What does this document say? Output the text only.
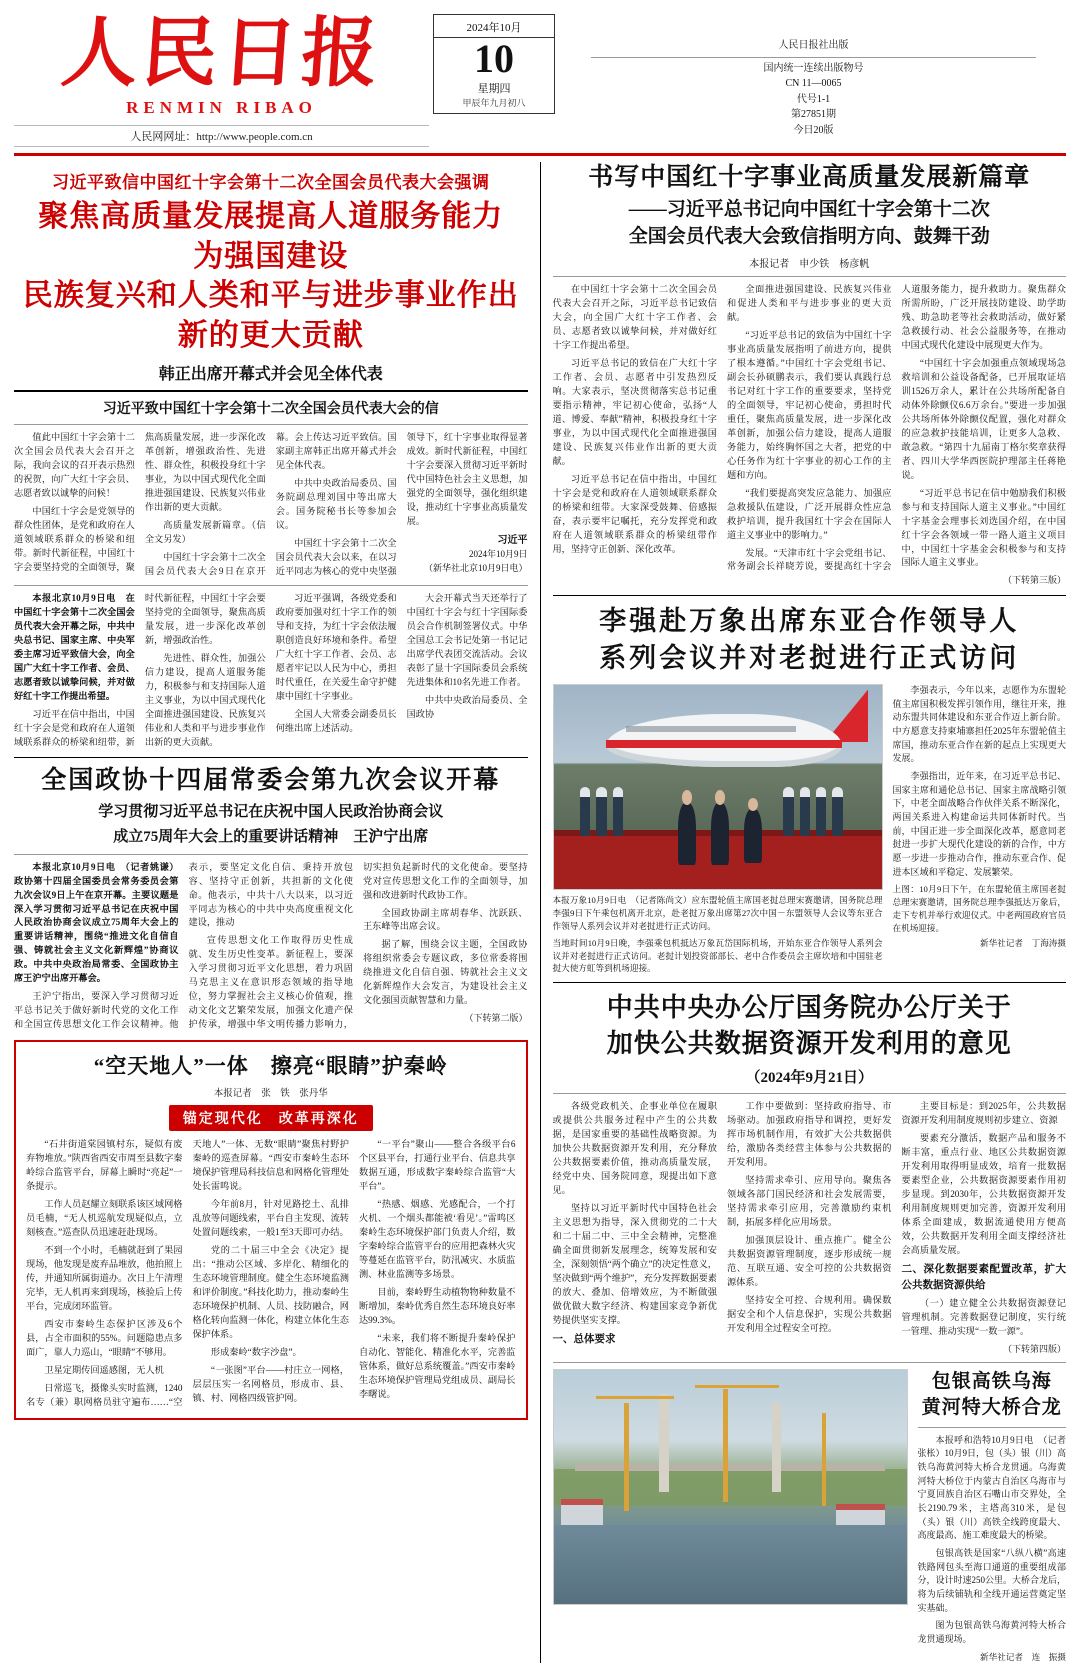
人民日报
RENMIN RIBAO
人民网网址：http://www.people.com.cn
2024年10月
10
星期四
甲辰年九月初八
人民日报社出版
国内统一连续出版物号
CN 11—0065
代号1-1
第27851期
今日20版
习近平致信中国红十字会第十二次全国会员代表大会强调
聚焦高质量发展提高人道服务能力　为强国建设
民族复兴和人类和平与进步事业作出新的更大贡献
韩正出席开幕式并会见全体代表
习近平致中国红十字会第十二次全国会员代表大会的信

值此中国红十字会第十二次全国会员代表大会召开之际，我向会议的召开表示热烈的祝贺，向广大红十字会员、志愿者致以诚挚的问候！

中国红十字会是党领导的群众性团体，是党和政府在人道领域联系群众的桥梁和纽带。新时代新征程，中国红十字会要坚持党的全面领导，聚焦高质量发展，进一步深化改革创新，增强政治性、先进性、群众性，积极投身红十字事业，为以中国式现代化全面推进强国建设、民族复兴伟业作出新的更大贡献。

高质量发展新篇章。（信全文另发）

中国红十字会第十二次全国会员代表大会9日在京开幕。会上传达习近平致信。国家副主席韩正出席开幕式并会见全体代表。

中共中央政治局委员、国务院副总理刘国中等出席大会。国务院秘书长等参加会议。

中国红十字会第十二次全国会员代表大会以来，在以习近平同志为核心的党中央坚强领导下，红十字事业取得显著成效。新时代新征程，中国红十字会要深入贯彻习近平新时代中国特色社会主义思想，加强党的全面领导，强化组织建设，推动红十字事业高质量发展。

习近平
2024年10月9日
（新华社北京10月9日电）

本报北京10月9日电　在中国红十字会第十二次全国会员代表大会开幕之际，中共中央总书记、国家主席、中央军委主席习近平致信大会，向全国广大红十字工作者、会员、志愿者致以诚挚问候，并对做好红十字工作提出希望。

习近平在信中指出，中国红十字会是党和政府在人道领域联系群众的桥梁和纽带，新时代新征程，中国红十字会要坚持党的全面领导，聚焦高质量发展，进一步深化改革创新，增强政治性。

先进性、群众性，加强公信力建设，提高人道服务能力，积极参与和支持国际人道主义事业，为以中国式现代化全面推进强国建设、民族复兴伟业和人类和平与进步事业作出新的更大贡献。

习近平强调，各级党委和政府要加强对红十字工作的领导和支持，为红十字会依法履职创造良好环境和条件。希望广大红十字工作者、会员、志愿者牢记以人民为中心，勇担时代重任，在关爱生命守护健康中国红十字事业。

全国人大常委会副委员长何维出席上述活动。

大会开幕式当天还举行了中国红十字会与红十字国际委员会合作机制签署仪式。中华全国总工会书记处第一书记记出席学代表团交流活动。会议表彰了显十字国际委员会系统先进集体和10名先进工作者。

中共中央政治局委员、全国政协

全国政协十四届常委会第九次会议开幕
学习贯彻习近平总书记在庆祝中国人民政治协商会议
成立75周年大会上的重要讲话精神　王沪宁出席

本报北京10月9日电　（记者姚谦）政协第十四届全国委员会常务委员会第九次会议9日上午在京开幕。主要议题是深入学习贯彻习近平总书记在庆祝中国人民政治协商会议成立75周年大会上的重要讲话精神，围绕“推进文化自信自强、铸就社会主义文化新辉煌”协商议政。中共中央政治局常委、全国政协主席王沪宁出席开幕会。

王沪宁指出，要深入学习贯彻习近平总书记关于做好新时代党的文化工作和全国宣传思想文化工作会议精神。他表示，要坚定文化自信、秉持开放包容、坚持守正创新，共担新的文化使命。他表示，中共十八大以来，以习近平同志为核心的中共中央高度重视文化建设，推动

宣传思想文化工作取得历史性成就、发生历史性变革。新征程上，要深入学习贯彻习近平文化思想，着力巩固马克思主义在意识形态领域的指导地位，努力掌握社会主义核心价值观，推动文化文艺繁荣发展，加强文化遗产保护传承，增强中华文明传播力影响力，切实担负起新时代的文化使命。要坚持党对宣传思想文化工作的全面领导，加强和改进新时代政协工作。

全国政协副主席胡春华、沈跃跃、王东峰等出席会议。

据了解，围绕会议主题，全国政协将组织常委会专题议政，多位常委将围绕推进文化自信自强、铸就社会主义文化新辉煌作大会发言，为建设社会主义文化强国贡献智慧和力量。

（下转第二版）
“空天地人”一体　擦亮“眼睛”护秦岭
本报记者　张　铁　张丹华
锚定现代化　改革再深化

“石井街道棠园镇村东，疑似有废弃物堆放。”陕西省西安市周至县数字秦岭综合监管平台，屏幕上瞬时“亮起”一条提示。

工作人员赵耀立刻联系该区域网格员毛楠，“无人机巡航发现疑似点，立刻核查。”巡查队员迅速赶赴现场。

不到一个小时，毛楠就赶到了果园现场，他发现是废弃品堆放，他拍照上传，并通知所属街道办。次日上午清理完毕，无人机再来到现场，核验后上传平台，完成闭环监管。

西安市秦岭生态保护区涉及6个县，占全市面积的55%。问题隐患点多面广，靠人力巡山，“眼睛”不够用。

卫星定期传回遥感图，无人机

日常巡飞，摄像头实时监测，1240名专（兼）职网格员驻守遍布……“空天地人”一体、无数“眼睛”聚焦村野护秦岭的巡查屏幕。“西安市秦岭生态环境保护管理局科技信息和网格化管理处处长雷鸣说。

今年前8月，针对见路挖土、乱排乱放等问题线索，平台自主发现、流转处置问题线索，一般1至3天即可办结。

党的二十届三中全会《决定》提出：“推动公区域、多岸化、精细化的生态环境管理制度。健全生态环境监测和评价制度。”科技化助力，推动秦岭生态环境保护机制、人员、技防融合，网格化转向监测一体化，构建立体化生态保护体系。

形成秦岭“数字沙盘”。

“一张图”平台——村庄立一网格，层层压实一名网格员，形成市、县、镇、村、网格四级管护网。

“一平台”聚山——整合各级平台6个区县平台，打通行业平台、信息共享数据互通，形成数字秦岭综合监管“大平台”。

“热感、烟感、光感配合，一个打火机、一个烟头都能被‘看见’。”雷鸣区秦岭生态环境保护部门负责人介绍，数字秦岭综合监管平台的应用把森林火灾等蔓延在监管平台，防汛减灾、水质监测、林业监测等多场景。

目前，秦岭野生动植物物种数量不断增加，秦岭优秀自然生态环境良好率达99.3%。

“未来，我们将不断提升秦岭保护自动化、智能化、精准化水平，完善监管体系，做好总系统覆盖。”西安市秦岭生态环境保护管理局党组成员、副局长李曙说。

书写中国红十字事业高质量发展新篇章
——习近平总书记向中国红十字会第十二次
全国会员代表大会致信指明方向、鼓舞干劲
本报记者　申少铁　杨彦帆

在中国红十字会第十二次全国会员代表大会召开之际，习近平总书记致信大会，向全国广大红十字工作者、会员、志愿者致以诚挚问候，并对做好红十字工作提出希望。

习近平总书记的致信在广大红十字工作者、会员、志愿者中引发热烈反响。大家表示，坚决贯彻落实总书记重要指示精神，牢记初心使命，弘扬“人道、博爱、奉献”精神，积极投身红十字事业，为以中国式现代化全面推进强国建设、民族复兴伟业作出新的更大贡献。

习近平总书记在信中指出，中国红十字会是党和政府在人道领域联系群众的桥梁和纽带。大家深受鼓舞、倍感振奋，表示要牢记嘱托，充分发挥党和政府在人道领域联系群众的桥梁纽带作用，坚持守正创新、深化改革。

全面推进强国建设、民族复兴伟业和促进人类和平与进步事业的更大贡献。

“习近平总书记的致信为中国红十字事业高质量发展指明了前进方向，提供了根本遵循。”中国红十字会党组书记、副会长孙硕鹏表示，我们要认真践行总书记对红十字工作的重要要求，坚持党的全面领导，牢记初心使命，勇担时代重任，聚焦高质量发展，进一步深化改革创新，加强公信力建设，提高人道服务能力，始终胸怀国之大者，把党的中心任务作为红十字事业的初心工作的主题和方向。

“我们要提高突发应急能力、加强应急救援队伍建设，广泛开展群众性应急救护培训，提升我国红十字会在国际人道主义事业中的影响力。”

发展。“天津市红十字会党组书记、常务副会长祥晓芳说，要提高红十字会人道服务能力，提升救助力。聚焦群众所需所盼，广泛开展技防建设、助学助残、助急助老等社会救助活动，做好紧急救援行动、社会公益服务等，在推动中国式现代化建设中展现更大作为。

“中国红十字会加强重点领域现场急救培训和公益设备配备，已开展取证培训1526万余人，累计在公共场所配备自动体外除颤仪6.6万余台。”要进一步加强公共场所体外除颤仪配置，强化对群众的应急救护技能培训，让更多人急救、敢急救。“第四十九届南丁格尔奖章获得者、四川大学华西医院护理部主任蒋艳说。

“习近平总书记在信中勉励我们积极参与和支持国际人道主义事业。”中国红十字基金会理事长刘选国介绍，在中国红十字会各领域一带一路人道主义项目中，中国红十字基金会积极参与和支持国际人道主义事业。

（下转第三版）
李强赴万象出席东亚合作领导人
系列会议并对老挝进行正式访问
本报万象10月9日电　（记者陈尚文）应东盟轮值主席国老挝总理宋赛邀请，国务院总理李强9日下午乘包机离开北京，赴老挝万象出席第27次中国－东盟领导人会议等东亚合作领导人系列会议并对老挝进行正式访问。
当地时间10月9日晚，李强乘包机抵达万象瓦岱国际机场，开始东亚合作领导人系列会议并对老挝进行正式访问。老挝计划投资部部长、老中合作委员会主席坎培和中国驻老挝大使方虹等到机场迎接。

李强表示，今年以来，志愿作为东盟轮值主席国积极发挥引领作用，继往开来，推动东盟共同体建设和东亚合作迈上新台阶。中方愿意支持柬埔寨担任2025年东盟轮值主席国，推动东亚合作在新的起点上实现更大发展。

李强指出，近年来，在习近平总书记、国家主席和通伦总书记、国家主席战略引领下，中老全面战略合作伙伴关系不断深化，两国关系进入构建命运共同体新时代。当前，中国正进一步全面深化改革，愿意同老挝进一步扩大现代化建设的新的合作，中方愿一步进一步推动合作，推动东亚合作、促进本区域和平稳定、发展繁荣。

上图：10月9日下午，在东盟轮值主席国老挝总理宋赛邀请，国务院总理李强抵达万象后，走下专机并举行欢迎仪式。中老两国政府官员在机场迎接。
新华社记者　丁海涛摄
中共中央办公厅国务院办公厅关于
加快公共数据资源开发利用的意见
（2024年9月21日）

各级党政机关、企事业单位在履职或提供公共服务过程中产生的公共数据，是国家重要的基础性战略资源。为加快公共数据资源开发利用，充分释放公共数据要素价值，推动高质量发展，经党中央、国务院同意，现提出如下意见。

坚持以习近平新时代中国特色社会主义思想为指导，深入贯彻党的二十大和二十届二中、三中全会精神，完整准确全面贯彻新发展理念，统筹发展和安全，深刻领悟“两个确立”的决定性意义，坚决做到“两个维护”，充分发挥数据要素的放大、叠加、倍增效应，为不断做强做优做大数字经济、构建国家竞争新优势提供坚实支撑。

一、总体要求

工作中要做到：坚持政府指导、市场驱动。加强政府指导和调控，更好发挥市场机制作用，有效扩大公共数据供给，激励各类经营主体参与公共数据的开发利用。

坚持需求牵引、应用导向。聚焦各领域各部门国民经济和社会发展需要，坚持需求牵引应用，完善激励约束机制，拓展多样化应用场景。

加强顶层设计、重点推广。健全公共数据资源管理制度，逐步形成统一规范、互联互通、安全可控的公共数据资源体系。

坚持安全可控、合规利用。确保数据安全和个人信息保护，实现公共数据开发利用全过程安全可控。

主要目标是：到2025年，公共数据资源开发利用制度规则初步建立、资源

要素充分激活，数据产品和服务不断丰富，重点行业、地区公共数据资源开发利用取得明显成效，培育一批数据要素型企业，公共数据资源要素作用初步显现。到2030年，公共数据资源开发利用制度规则更加完善，资源开发利用体系全面建成，数据流通使用方便高效，公共数据开发利用全面支撑经济社会高质量发展。

二、深化数据要素配置改革，扩大公共数据资源供给

（一）建立健全公共数据资源登记管理机制。完善数据登记制度，实行统一管理、推动实现“一数一源”。

（下转第四版）
包银高铁乌海
黄河特大桥合龙

本报呼和浩特10月9日电　（记者张枨）10月9日，包（头）银（川）高铁乌海黄河特大桥合龙贯通。乌海黄河特大桥位于内蒙古自治区乌海市与宁夏回族自治区石嘴山市交界处，全长2190.79米，主塔高310米，是包（头）银（川）高铁全线跨度最大、高度最高、施工难度最大的桥梁。

包银高铁是国家“八纵八横”高速铁路网包头至海口通道的重要组成部分，设计时速250公里。大桥合龙后，将为后续铺轨和全线开通运营奠定坚实基础。

图为包银高铁乌海黄河特大桥合龙贯通现场。

新华社记者　连　振摄
